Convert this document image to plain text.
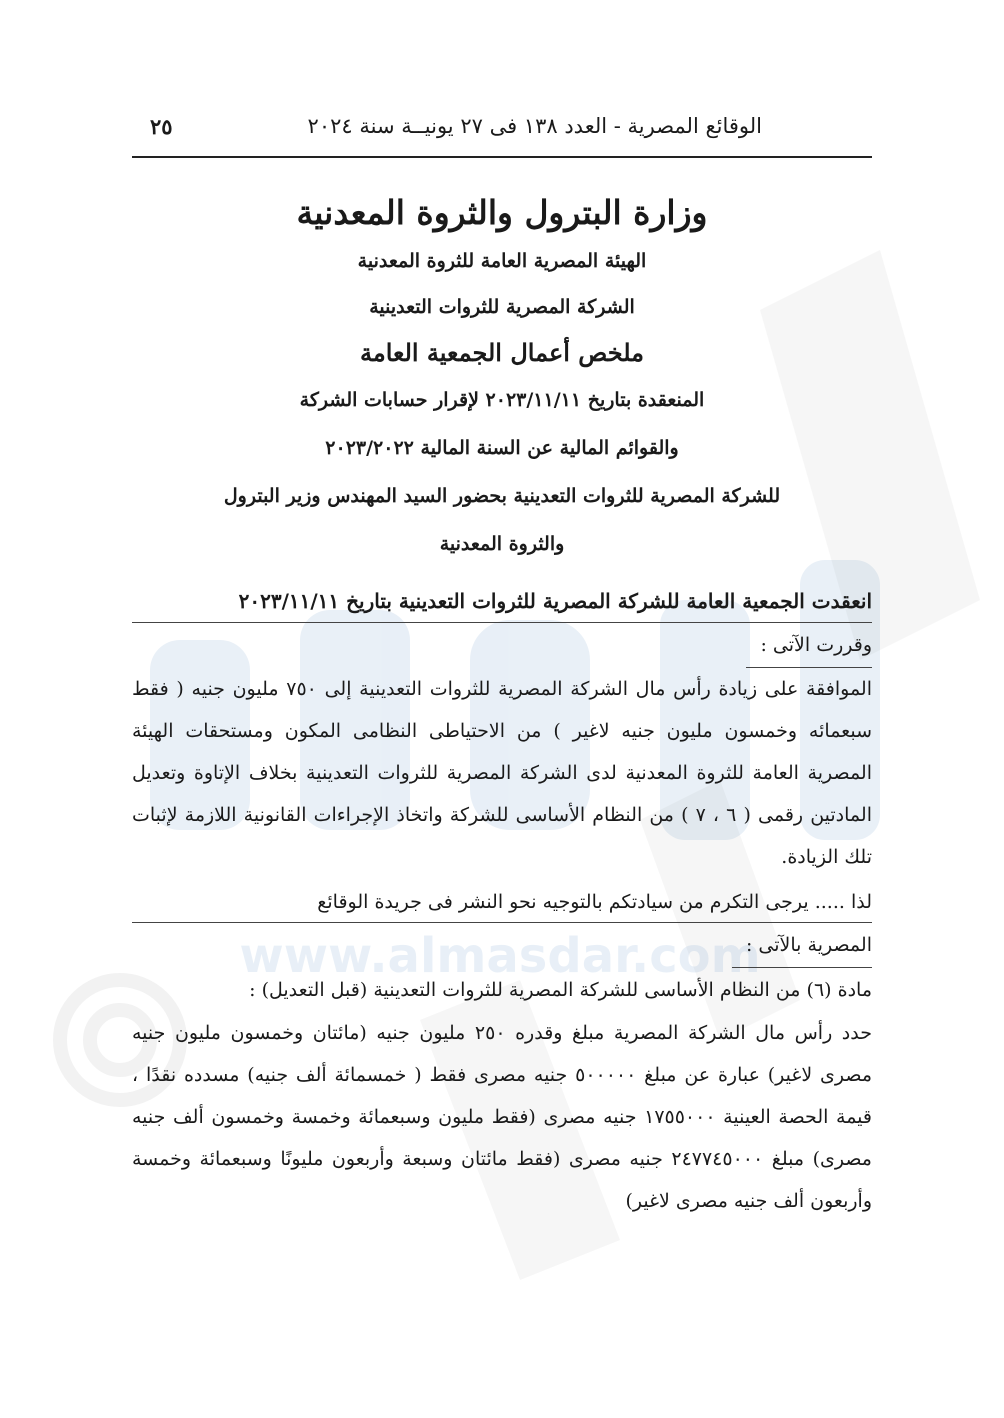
www.almasdar.com
الوقائع المصرية - العدد ١٣٨ فى ٢٧ يونيــة سنة ٢٠٢٤
٢٥
وزارة البترول والثروة المعدنية
الهيئة المصرية العامة للثروة المعدنية
الشركة المصرية للثروات التعدينية
ملخص أعمال الجمعية العامة
المنعقدة بتاريخ ٢٠٢٣/١١/١١ لإقرار حسابات الشركة
والقوائم المالية عن السنة المالية ٢٠٢٣/٢٠٢٢
للشركة المصرية للثروات التعدينية بحضور السيد المهندس وزير البترول
والثروة المعدنية
انعقدت الجمعية العامة للشركة المصرية للثروات التعدينية بتاريخ ٢٠٢٣/١١/١١
وقررت الآتى :

الموافقة على زيادة رأس مال الشركة المصرية للثروات التعدينية إلى ٧٥٠ مليون جنيه ( فقط سبعمائه وخمسون مليون جنيه لاغير ) من الاحتياطى النظامى المكون ومستحقات الهيئة المصرية العامة للثروة المعدنية لدى الشركة المصرية للثروات التعدينية بخلاف الإتاوة وتعديل المادتين رقمى ( ٦ ، ٧ ) من النظام الأساسى للشركة واتخاذ الإجراءات القانونية اللازمة لإثبات تلك الزيادة.

لذا ..... يرجى التكرم من سيادتكم بالتوجيه نحو النشر فى جريدة الوقائع

المصرية بالآتى :

مادة (٦) من النظام الأساسى للشركة المصرية للثروات التعدينية (قبل التعديل) :

حدد رأس مال الشركة المصرية مبلغ وقدره ٢٥٠ مليون جنيه (مائتان وخمسون مليون جنيه مصرى لاغير) عبارة عن مبلغ ٥٠٠٠٠٠ جنيه مصرى فقط ( خمسمائة ألف جنيه) مسدده نقدًا ، قيمة الحصة العينية ١٧٥٥٠٠٠ جنيه مصرى (فقط مليون وسبعمائة وخمسة وخمسون ألف جنيه مصرى) مبلغ ٢٤٧٧٤٥٠٠٠ جنيه مصرى (فقط مائتان وسبعة وأربعون مليونًا وسبعمائة وخمسة وأربعون ألف جنيه مصرى لاغير)
